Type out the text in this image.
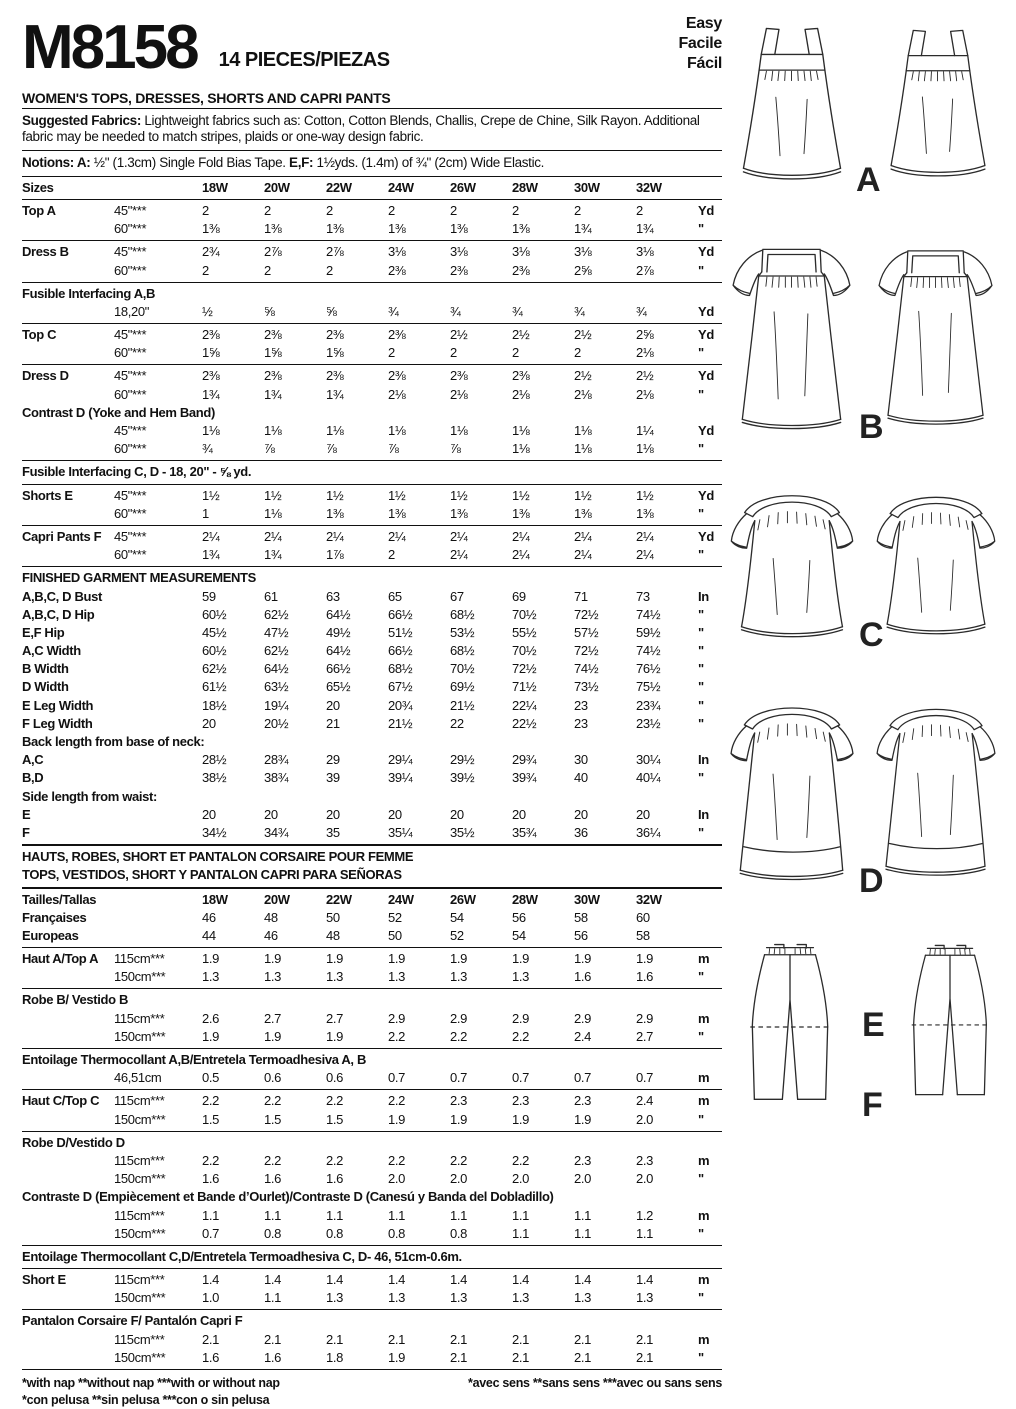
M8158 14 PIECES/PIEZAS
Easy
Facile
Fácil
WOMEN'S TOPS, DRESSES, SHORTS AND CAPRI PANTS
Suggested Fabrics: Lightweight fabrics such as: Cotton, Cotton Blends, Challis, Crepe de Chine, Silk Rayon. Additional fabric may be needed to match stripes, plaids or one-way design fabric.
Notions: A: ½" (1.3cm) Single Fold Bias Tape. E,F: 1½yds. (1.4m) of ¾" (2cm) Wide Elastic.
Sizes	18W	20W	22W	24W	26W	28W	30W	32W
Top A	45"***	2	2	2	2	2	2	2	2	Yd
60"***	1⅜	1⅜	1⅜	1⅜	1⅜	1⅜	1¾	1¾	"
Dress B	45"***	2¾	2⅞	2⅞	3⅛	3⅛	3⅛	3⅛	3⅛	Yd
60"***	2	2	2	2⅜	2⅜	2⅜	2⅝	2⅞	"
Fusible Interfacing A,B
18,20"	½	⅝	⅝	¾	¾	¾	¾	¾	Yd
Top C	45"***	2⅜	2⅜	2⅜	2⅜	2½	2½	2½	2⅝	Yd
60"***	1⅝	1⅝	1⅝	2	2	2	2	2⅛	"
Dress D	45"***	2⅜	2⅜	2⅜	2⅜	2⅜	2⅜	2½	2½	Yd
60"***	1¾	1¾	1¾	2⅛	2⅛	2⅛	2⅛	2⅛	"
Contrast D (Yoke and Hem Band)
45"***	1⅛	1⅛	1⅛	1⅛	1⅛	1⅛	1⅛	1¼	Yd
60"***	¾	⅞	⅞	⅞	⅞	1⅛	1⅛	1⅛	"
Fusible Interfacing C, D - 18, 20" - ⅝ yd.
Shorts E	45"***	1½	1½	1½	1½	1½	1½	1½	1½	Yd
60"***	1	1⅛	1⅜	1⅜	1⅜	1⅜	1⅜	1⅜	"
Capri Pants F 45"***	2¼	2¼	2¼	2¼	2¼	2¼	2¼	2¼	Yd
60"***	1¾	1¾	1⅞	2	2¼	2¼	2¼	2¼	"
FINISHED GARMENT MEASUREMENTS
A,B,C, D Bust	59	61	63	65	67	69	71	73	In
A,B,C, D Hip	60½	62½	64½	66½	68½	70½	72½	74½	"
E,F Hip	45½	47½	49½	51½	53½	55½	57½	59½	"
A,C Width	60½	62½	64½	66½	68½	70½	72½	74½	"
B Width	62½	64½	66½	68½	70½	72½	74½	76½	"
D Width	61½	63½	65½	67½	69½	71½	73½	75½	"
E Leg Width	18½	19¼	20	20¾	21½	22¼	23	23¾	"
F Leg Width	20	20½	21	21½	22	22½	23	23½	"
Back length from base of neck:
A,C	28½	28¾	29	29¼	29½	29¾	30	30¼	In
B,D	38½	38¾	39	39¼	39½	39¾	40	40¼	"
Side length from waist:
E	20	20	20	20	20	20	20	20	In
F	34½	34¾	35	35¼	35½	35¾	36	36¼	"
HAUTS, ROBES, SHORT ET PANTALON CORSAIRE POUR FEMME
TOPS, VESTIDOS, SHORT Y PANTALON CAPRI PARA SEÑORAS
Tailles/Tallas	18W	20W	22W	24W	26W	28W	30W	32W
Françaises	46	48	50	52	54	56	58	60
Europeas	44	46	48	50	52	54	56	58
Haut A/Top A	115cm***	1.9	1.9	1.9	1.9	1.9	1.9	1.9	1.9	m
150cm***	1.3	1.3	1.3	1.3	1.3	1.3	1.6	1.6	"
Robe B/ Vestido B
115cm***	2.6	2.7	2.7	2.9	2.9	2.9	2.9	2.9	m
150cm***	1.9	1.9	1.9	2.2	2.2	2.2	2.4	2.7	"
Entoilage Thermocollant A,B/Entretela Termoadhesiva A, B
46,51cm	0.5	0.6	0.6	0.7	0.7	0.7	0.7	0.7	m
Haut C/Top C	115cm***	2.2	2.2	2.2	2.2	2.3	2.3	2.3	2.4	m
150cm***	1.5	1.5	1.5	1.9	1.9	1.9	1.9	2.0	"
Robe D/Vestido D
115cm***	2.2	2.2	2.2	2.2	2.2	2.2	2.3	2.3	m
150cm***	1.6	1.6	1.6	2.0	2.0	2.0	2.0	2.0	"
Contraste D (Empiècement et Bande d’Ourlet)/Contraste D (Canesú y Banda del Dobladillo)
115cm***	1.1	1.1	1.1	1.1	1.1	1.1	1.1	1.2	m
150cm***	0.7	0.8	0.8	0.8	0.8	1.1	1.1	1.1	"
Entoilage Thermocollant C,D/Entretela Termoadhesiva C, D- 46, 51cm-0.6m.
Short E	115cm***	1.4	1.4	1.4	1.4	1.4	1.4	1.4	1.4	m
150cm***	1.0	1.1	1.3	1.3	1.3	1.3	1.3	1.3	"
Pantalon Corsaire F/ Pantalón Capri F
115cm***	2.1	2.1	2.1	2.1	2.1	2.1	2.1	2.1	m
150cm***	1.6	1.6	1.8	1.9	2.1	2.1	2.1	2.1	"
*with nap **without nap ***with or without nap	*avec sens **sans sens ***avec ou sans sens
*con pelusa **sin pelusa ***con o sin pelusa
A
B
C
D
E
F
